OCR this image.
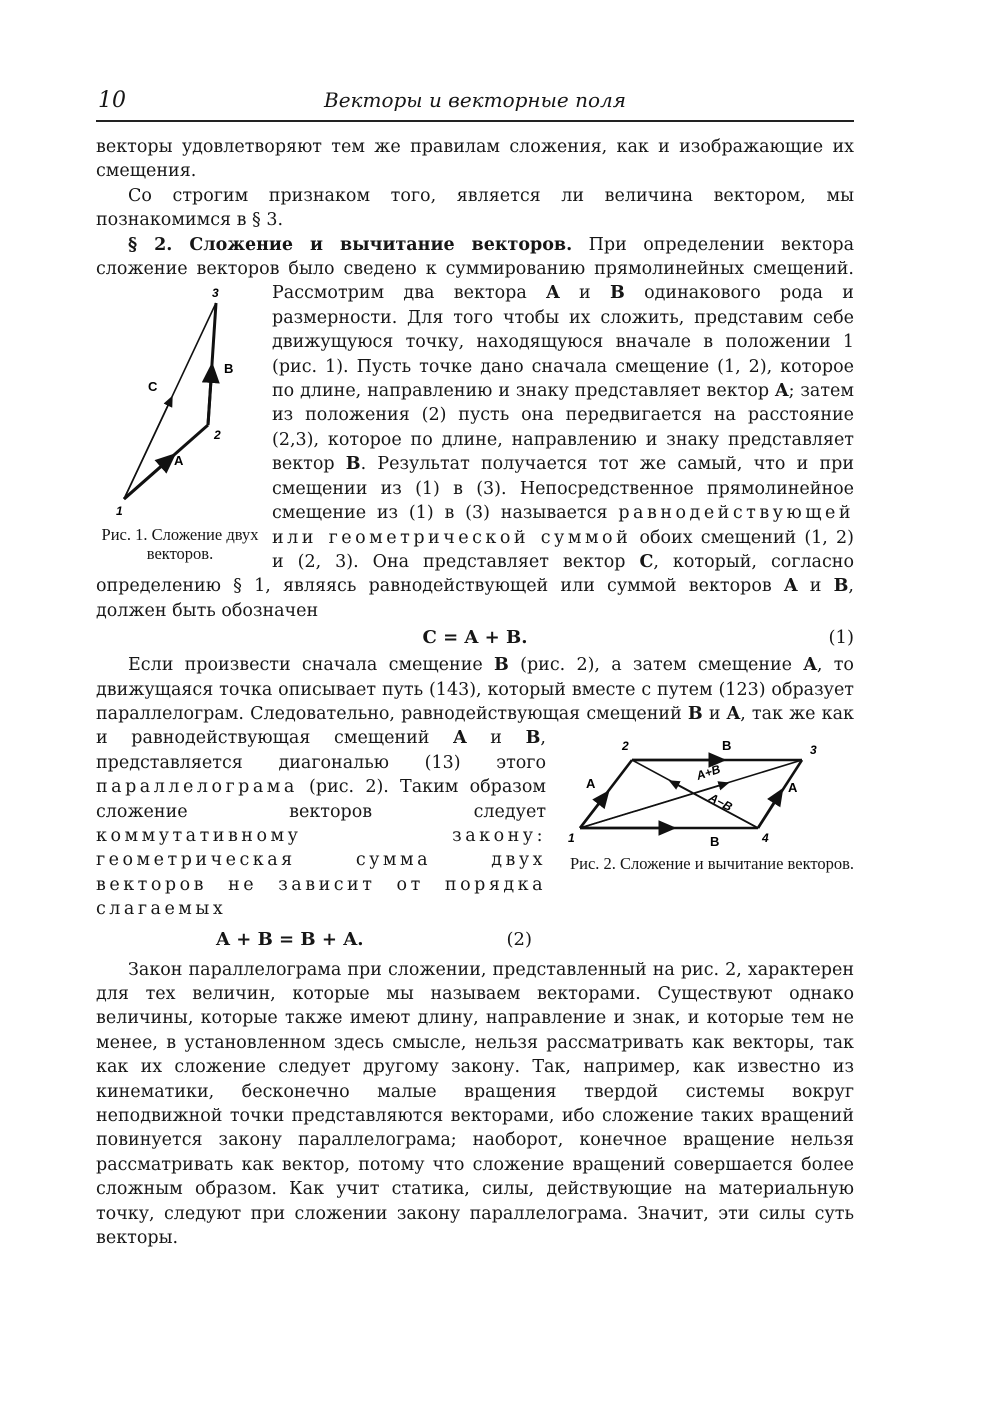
10	Векторы и векторные поля

векторы удовлетворяют тем же правилам сложения, как и изображающие их смещения.

Со строгим признаком того, является ли величина вектором, мы познакомимся в § 3.

§ 2. Сложение и вычитание векторов. При определении вектора сложение векторов было сведено к суммированию прямолинейных смещений. Рассмотрим два вектора
1
2
3
A
B
C
Рис. 1. Сложение двух векторов.
A и B одинакового рода и размерности. Для того чтобы их сложить, представим себе движущуюся точку, находящуюся вначале в положении 1 (рис. 1). Пусть точке дано сначала смещение (1, 2), которое по длине, направлению и знаку представляет вектор A; затем из положения (2) пусть она передвигается на расстояние (2,3), которое по длине, направлению и знаку представляет вектор B. Результат получается тот же самый, что и при смещении из (1) в (3). Непосредственное прямолинейное смещение из (1) в (3) называется равнодействующей или геометрической суммой обоих смещений (1, 2) и (2, 3). Она представляет вектор C, который, согласно определению § 1, являясь равнодействующей или суммой векторов A и B, должен быть обозначен

C = A + B.	(1)

Если произвести сначала смещение B (рис. 2), а затем смещение A, то движущаяся точка описывает путь (143), который вместе с путем (123) образует параллелограм. Следовательно, равнодействующая смещений B и A, так же как и равнодействующая смещений A
1
2	3
4
B
B
A	A
A+B
A−B
Рис. 2. Сложение и вычитание векторов.
и B, представляется диагональю (13) этого параллелограма (рис. 2). Таким образом сложение векторов следует коммутативному закону: геометрическая сумма двух векторов не зависит от порядка слагаемых

A + B = B + A.	(2)

Закон параллелограма при сложении, представленный на рис. 2, характерен для тех величин, которые мы называем векторами. Существуют однако величины, которые также имеют длину, направление и знак, и которые тем не менее, в установленном здесь смысле, нельзя рассматривать как векторы, так как их сложение следует другому закону. Так, например, как известно из кинематики, бесконечно малые вращения твердой системы вокруг неподвижной точки представляются векторами, ибо сложение таких вращений повинуется закону параллелограма; наоборот, конечное вращение нельзя рассматривать как вектор, потому что сложение вращений совершается более сложным образом. Как учит статика, силы, действующие на материальную точку, следуют при сложении закону параллелограма. Значит, эти силы суть векторы.
